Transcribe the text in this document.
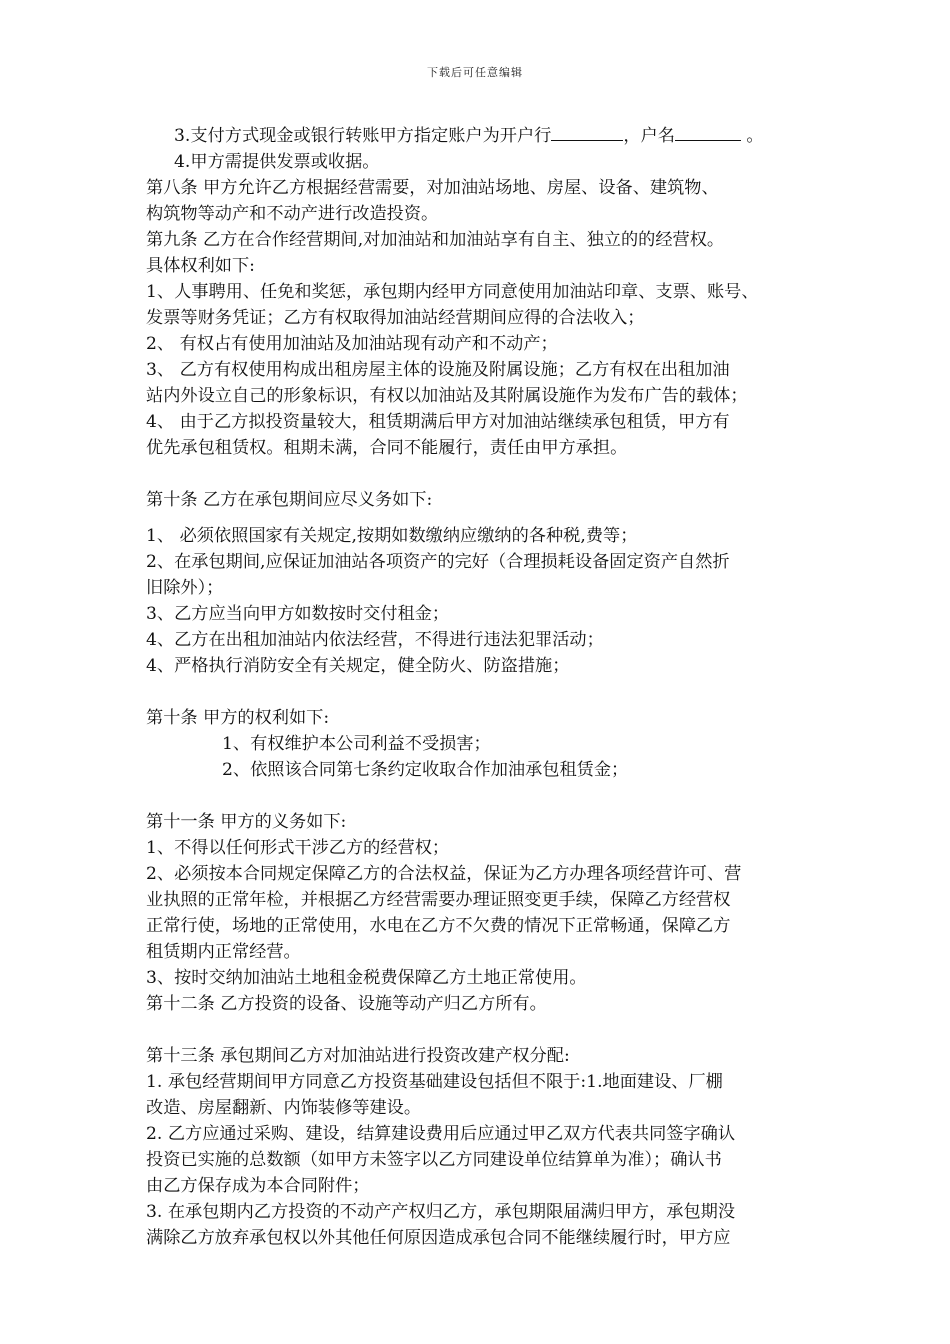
下载后可任意编辑
3.支付方式现金或银行转账甲方指定账户为开户行	，户名	。
4.甲方需提供发票或收据。
第八条 甲方允许乙方根据经营需要，对加油站场地、房屋、设备、建筑物、
构筑物等动产和不动产进行改造投资。
第九条 乙方在合作经营期间,对加油站和加油站享有自主、独立的的经营权。
具体权利如下:
1、人事聘用、任免和奖惩，承包期内经甲方同意使用加油站印章、支票、账号、
发票等财务凭证；乙方有权取得加油站经营期间应得的合法收入；
2、 有权占有使用加油站及加油站现有动产和不动产；
3、 乙方有权使用构成出租房屋主体的设施及附属设施；乙方有权在出租加油
站内外设立自己的形象标识，有权以加油站及其附属设施作为发布广告的载体；
4、 由于乙方拟投资量较大，租赁期满后甲方对加油站继续承包租赁，甲方有
优先承包租赁权。租期未满，合同不能履行，责任由甲方承担。
第十条 乙方在承包期间应尽义务如下:
1、 必须依照国家有关规定,按期如数缴纳应缴纳的各种税,费等；
2、在承包期间,应保证加油站各项资产的完好（合理损耗设备固定资产自然折
旧除外）；
3、乙方应当向甲方如数按时交付租金；
4、乙方在出租加油站内依法经营，不得进行违法犯罪活动；
4、严格执行消防安全有关规定，健全防火、防盗措施；
第十条 甲方的权利如下:
1、有权维护本公司利益不受损害；
2、依照该合同第七条约定收取合作加油承包租赁金；
第十一条 甲方的义务如下:
1、不得以任何形式干涉乙方的经营权；
2、必须按本合同规定保障乙方的合法权益，保证为乙方办理各项经营许可、营
业执照的正常年检，并根据乙方经营需要办理证照变更手续，保障乙方经营权
正常行使，场地的正常使用，水电在乙方不欠费的情况下正常畅通，保障乙方
租赁期内正常经营。
3、按时交纳加油站土地租金税费保障乙方土地正常使用。
第十二条 乙方投资的设备、设施等动产归乙方所有。
第十三条 承包期间乙方对加油站进行投资改建产权分配:
1. 承包经营期间甲方同意乙方投资基础建设包括但不限于:1.地面建设、厂棚
改造、房屋翻新、内饰装修等建设。
2. 乙方应通过采购、建设，结算建设费用后应通过甲乙双方代表共同签字确认
投资已实施的总数额（如甲方未签字以乙方同建设单位结算单为准）；确认书
由乙方保存成为本合同附件；
3. 在承包期内乙方投资的不动产产权归乙方，承包期限届满归甲方，承包期没
满除乙方放弃承包权以外其他任何原因造成承包合同不能继续履行时，甲方应
